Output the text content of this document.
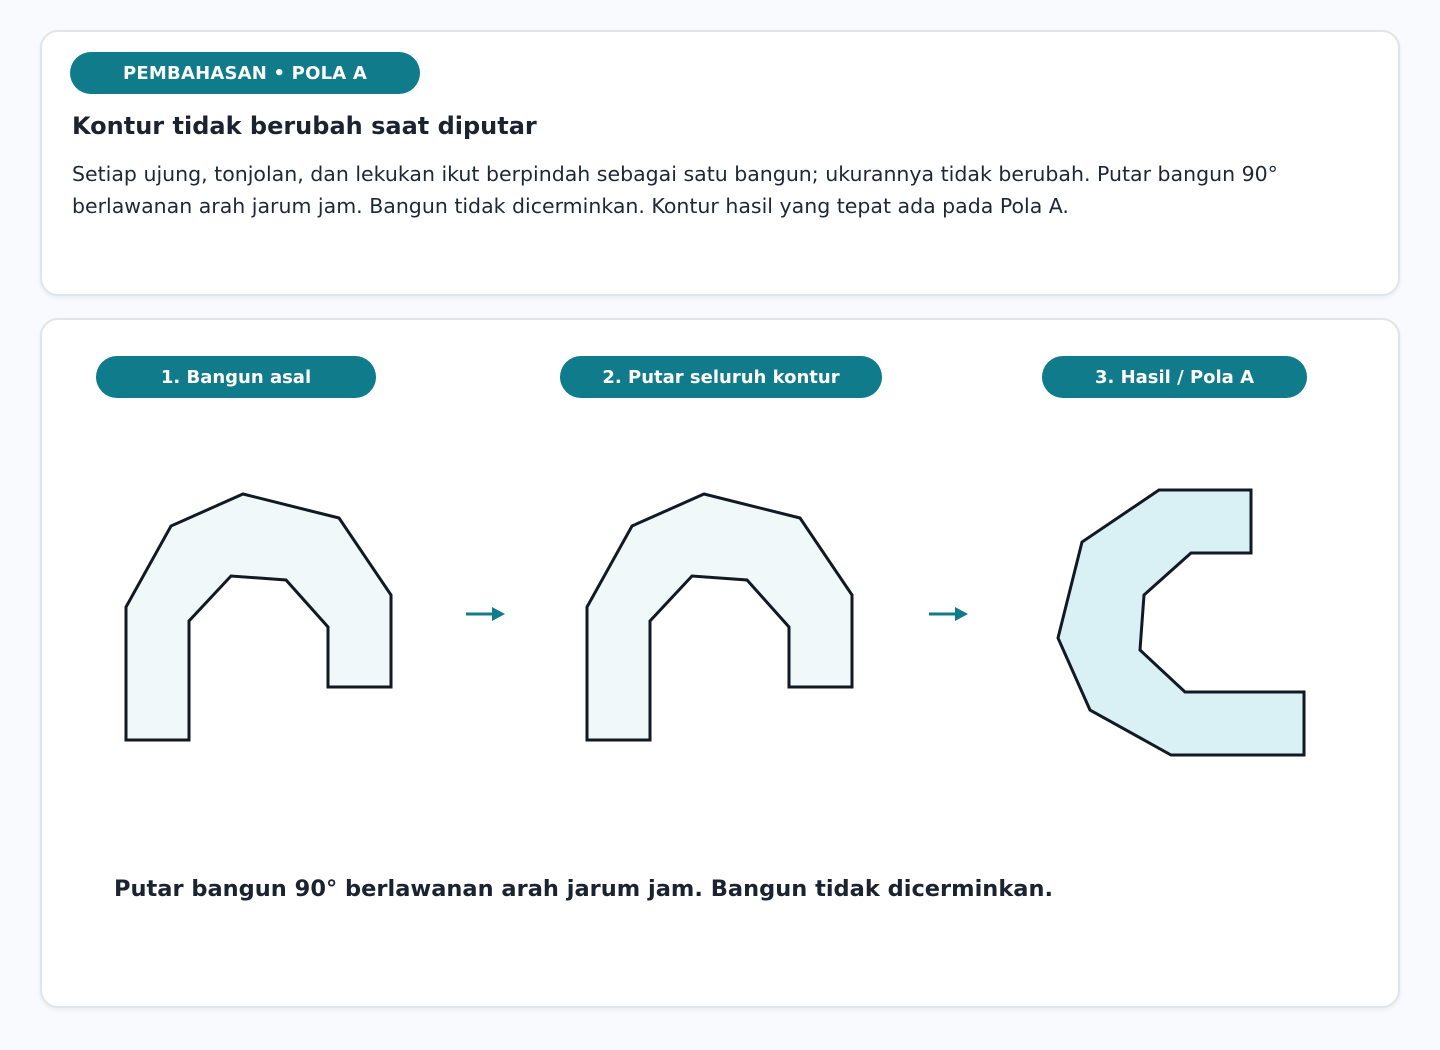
PEMBAHASAN • POLA A
Kontur tidak berubah saat diputar
Setiap ujung, tonjolan, dan lekukan ikut berpindah sebagai satu bangun; ukurannya tidak berubah. Putar bangun 90° berlawanan arah jarum jam. Bangun tidak dicerminkan. Kontur hasil yang tepat ada pada Pola A.
1. Bangun asal	2. Putar seluruh kontur	3. Hasil / Pola A
Putar bangun 90° berlawanan arah jarum jam. Bangun tidak dicerminkan.
